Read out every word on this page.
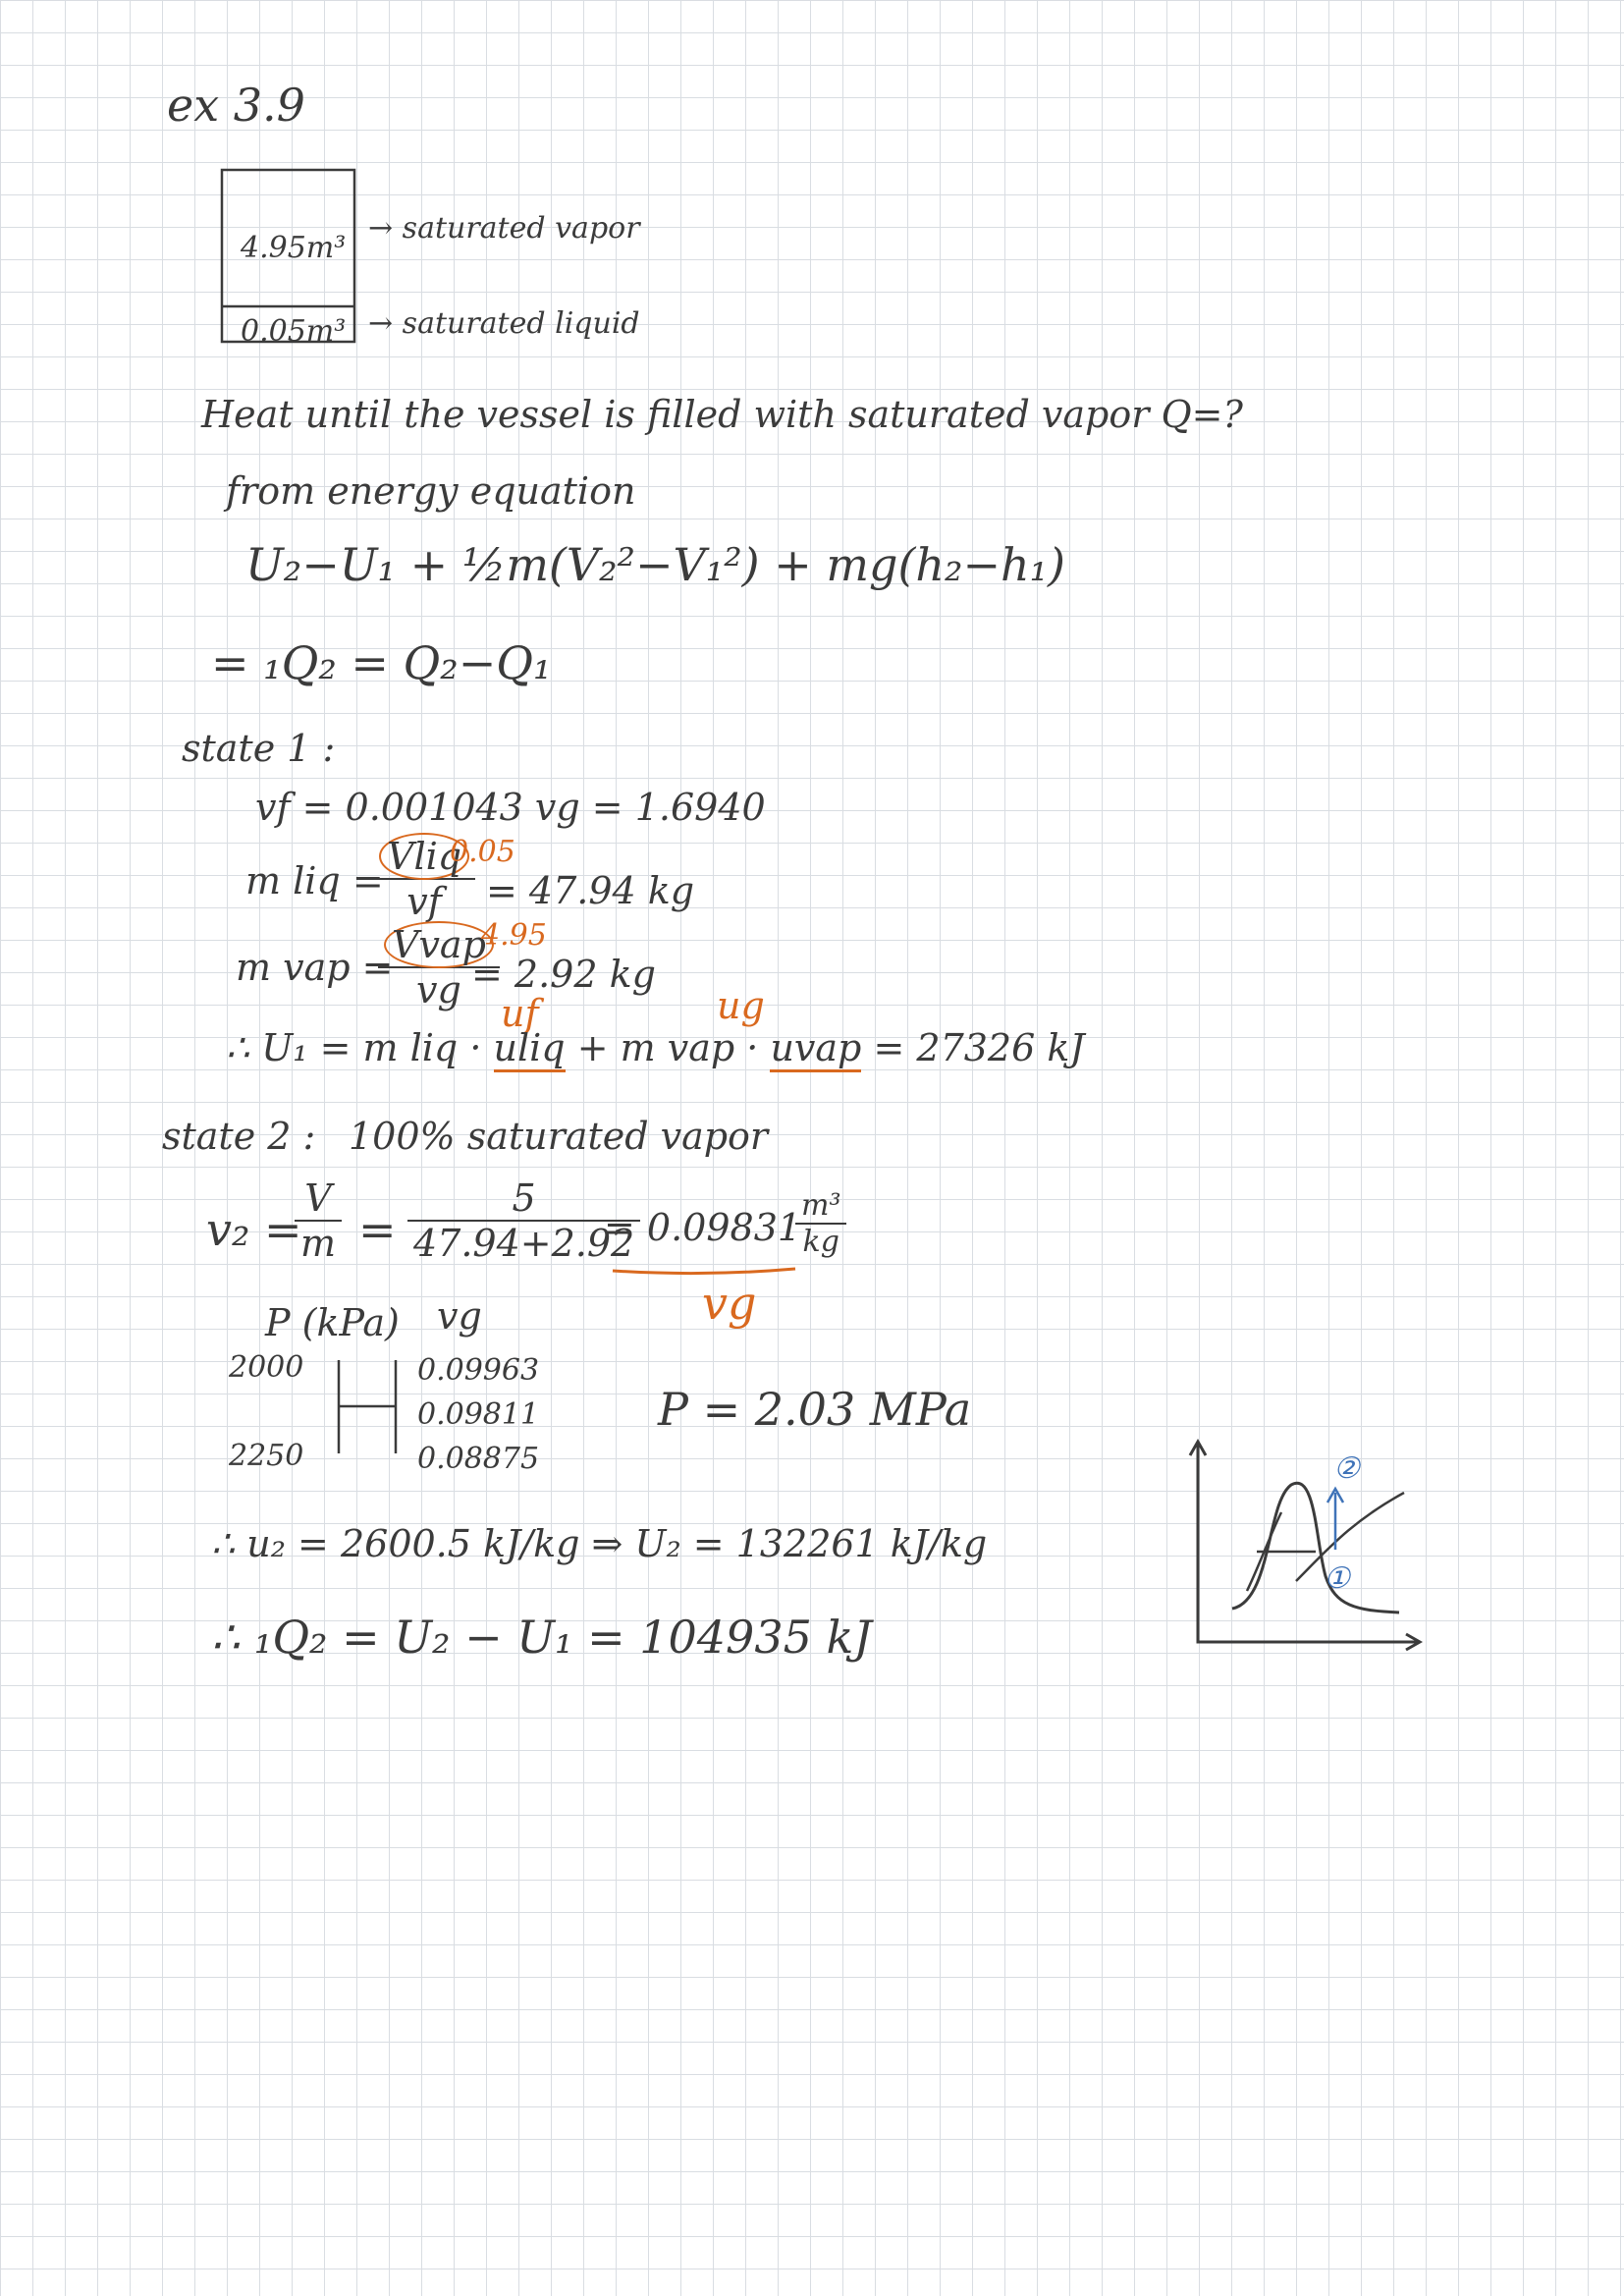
ex 3.9
4.95m³
→ saturated vapor
0.05m³ → saturated liquid
Heat until the vessel is filled with saturated vapor Q=?
from energy equation
U₂−U₁ + ½m(V₂²−V₁²) + mg(h₂−h₁)
= ₁Q₂ = Q₂−Q₁
state 1 :
vf = 0.001043 vg = 1.6940
m liq =
Vliq
vf
0.05
= 47.94 kg
m vap =
Vvap
vg
4.95
= 2.92 kg
uf	ug
∴ U₁ = m liq · uliq + m vap · uvap = 27326 kJ
state 2 : 100% saturated vapor
v₂ =
$\frac{V}{m} = \frac{5}{47.94+2.92}$
= 0.09831
$\frac{\text{m³}}{kg}$
vg
P (kPa) vg
2000
2250
0.09963
0.09811
0.08875
P = 2.03 MPa
∴ u₂ = 2600.5 kJ/kg ⇒ U₂ = 132261 kJ/kg
∴ ₁Q₂ = U₂ − U₁ = 104935 kJ
①
②
